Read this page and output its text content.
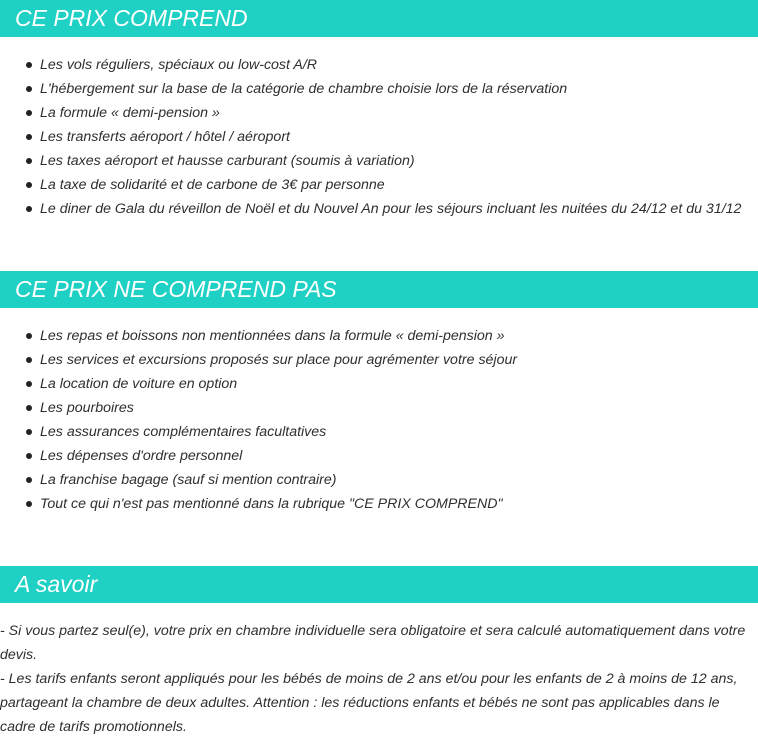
CE PRIX COMPREND
Les vols réguliers, spéciaux ou low-cost A/R
L'hébergement sur la base de la catégorie de chambre choisie lors de la réservation
La formule « demi-pension »
Les transferts aéroport / hôtel / aéroport
Les taxes aéroport et hausse carburant (soumis à variation)
La taxe de solidarité et de carbone de 3€ par personne
Le diner de Gala du réveillon de Noël et du Nouvel An pour les séjours incluant les nuitées du 24/12 et du 31/12
CE PRIX NE COMPREND PAS
Les repas et boissons non mentionnées dans la formule « demi-pension »
Les services et excursions proposés sur place pour agrémenter votre séjour
La location de voiture en option
Les pourboires
Les assurances complémentaires facultatives
Les dépenses d'ordre personnel
La franchise bagage (sauf si mention contraire)
Tout ce qui n'est pas mentionné dans la rubrique "CE PRIX COMPREND"
A savoir

- Si vous partez seul(e), votre prix en chambre individuelle sera obligatoire et sera calculé automatiquement dans votre devis.

- Les tarifs enfants seront appliqués pour les bébés de moins de 2 ans et/ou pour les enfants de 2 à moins de 12 ans, partageant la chambre de deux adultes. Attention : les réductions enfants et bébés ne sont pas applicables dans le cadre de tarifs promotionnels.
